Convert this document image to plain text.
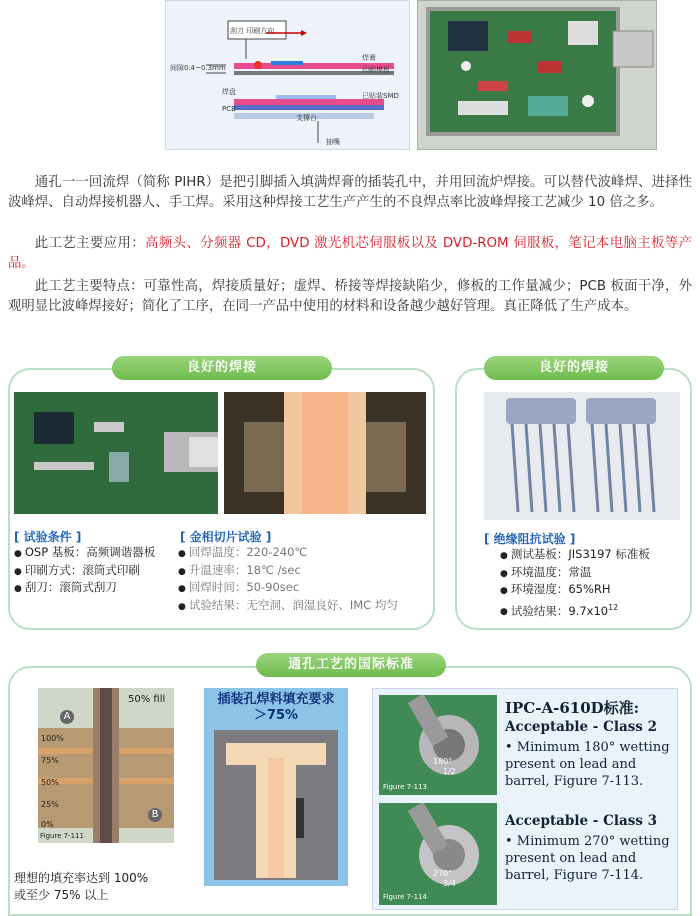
刮刀 印刷方向
间隙0.4~0.3mm
焊膏
印刷模板
焊盘
PCB
已贴装SMD
支撑台
抽嘴

通孔一一回流焊（简称 PIHR）是把引脚插入填满焊膏的插装孔中，并用回流炉焊接。可以替代波峰焊、进择性波峰焊、自动焊接机器人、手工焊。采用这种焊接工艺生产产生的不良焊点率比波峰焊接工艺减少 10 倍之多。

此工艺主要应用：高频头、分频器 CD，DVD 激光机芯伺服板以及 DVD-ROM 伺服板，笔记本电脑主板等产品。

此工艺主要特点：可靠性高，焊接质量好；虚焊、桥接等焊接缺陷少，修板的工作量减少；PCB 板面干净，外观明显比波峰焊接好；简化了工序，在同一产品中使用的材料和设备越少越好管理。真正降低了生产成本。

良好的焊接
[ 试验条件 ]
● OSP 基板：高频调谐器板
● 印刷方式：滚筒式印刷
● 刮刀：滚筒式刮刀
[ 金相切片试验 ]
● 回焊温度：220-240℃
● 升温速率：18℃ /sec
● 回焊时间：50-90sec
● 试验结果：无空洞、润湿良好、IMC 均匀
良好的焊接
[ 绝缘阻抗试验 ]
● 测试基板：JIS3197 标准板
● 环境温度：常温
● 环境湿度：65%RH
● 试验结果：$9.7x10^{12}$
通孔工艺的国际标准
50% fill
A
B
100%
75%
50%
25%
0%
Figure 7-111
理想的填充率达到 100%
或至少 75% 以上
插装孔焊料填充要求
＞75%
180°
1/2
Figure 7-113
270°
3/4
Figure 7-114
IPC-A-610D标准:
Acceptable - Class 2
• Minimum 180° wetting present on lead and barrel, Figure 7-113.
Acceptable - Class 3
• Minimum 270° wetting present on lead and barrel, Figure 7-114.
